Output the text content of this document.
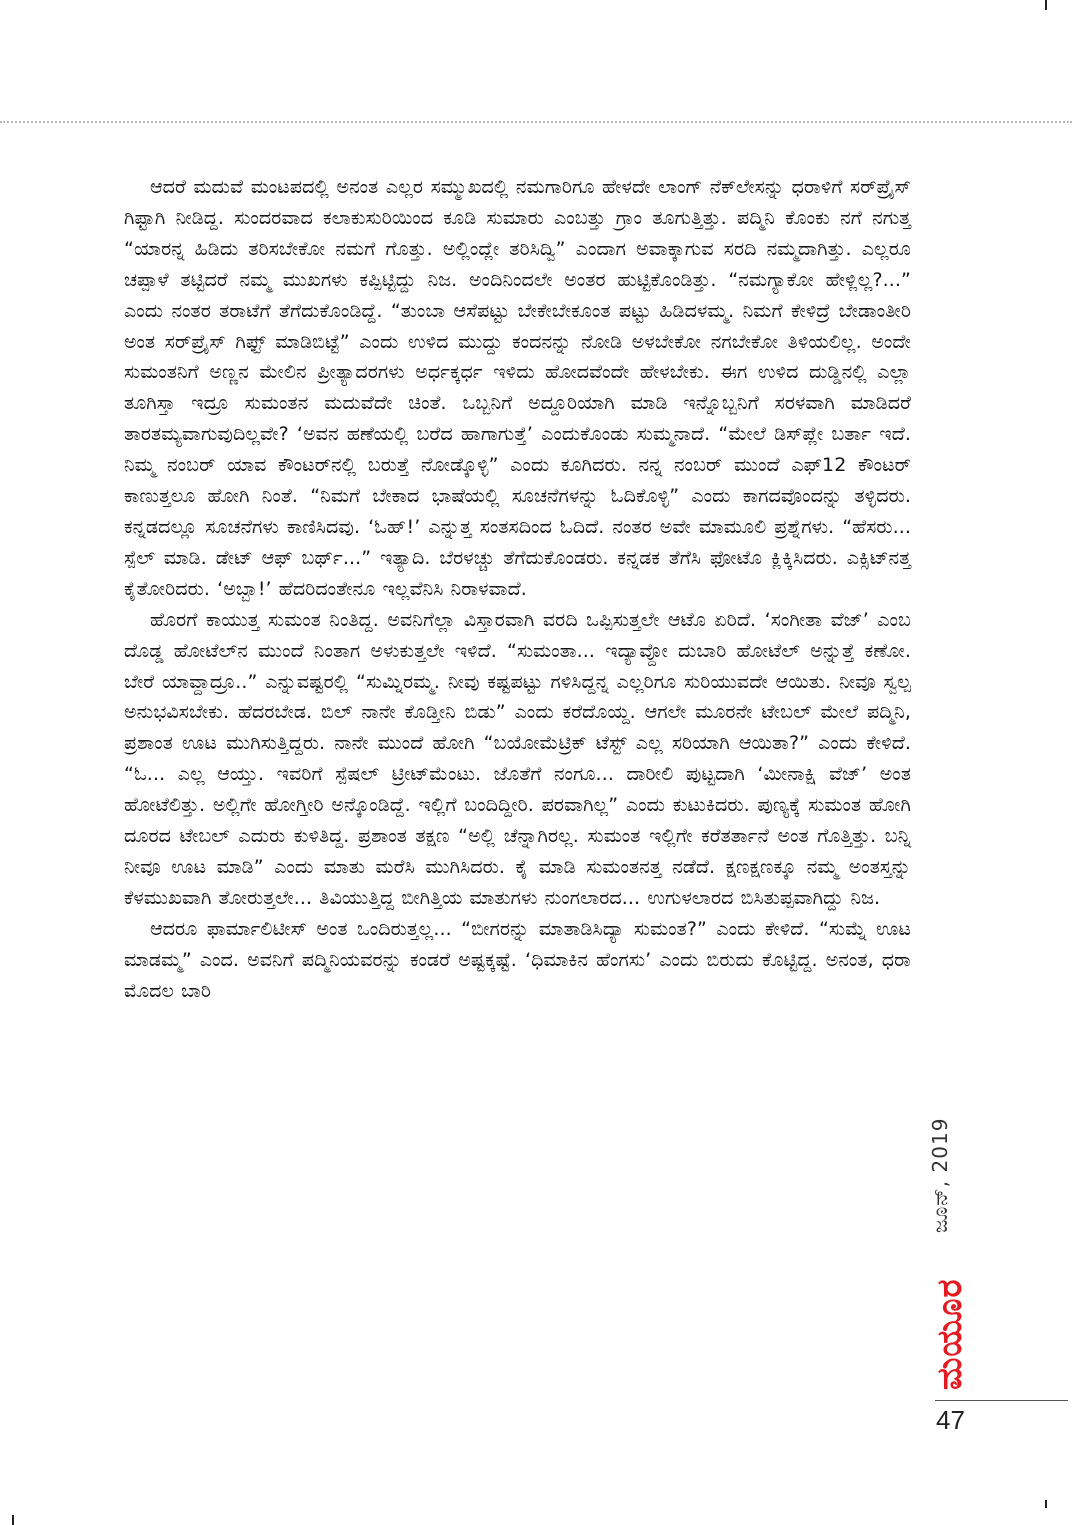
ಆದರೆ ಮದುವೆ ಮಂಟಪದಲ್ಲಿ ಅನಂತ ಎಲ್ಲರ ಸಮ್ಮುಖದಲ್ಲಿ ನಮಗಾರಿಗೂ ಹೇಳದೇ ಲಾಂಗ್ ನೆಕ್‌ಲೇಸನ್ನು ಧರಾಳಿಗೆ ಸರ್‌ಪ್ರೈಸ್ ಗಿಫ್ಟಾಗಿ ನೀಡಿದ್ದ. ಸುಂದರವಾದ ಕಲಾಕುಸುರಿಯಿಂದ ಕೂಡಿ ಸುಮಾರು ಎಂಬತ್ತು ಗ್ರಾಂ ತೂಗುತ್ತಿತ್ತು. ಪದ್ಮಿನಿ ಕೊಂಕು ನಗೆ ನಗುತ್ತ “ಯಾರನ್ನ ಹಿಡಿದು ತರಿಸಬೇಕೋ ನಮಗೆ ಗೊತ್ತು. ಅಲ್ಲಿಂದ್ಲೇ ತರಿಸಿದ್ವಿ” ಎಂದಾಗ ಅವಾಕ್ಕಾಗುವ ಸರದಿ ನಮ್ಮದಾಗಿತ್ತು. ಎಲ್ಲರೂ ಚಪ್ಪಾಳೆ ತಟ್ಟಿದರೆ ನಮ್ಮ ಮುಖಗಳು ಕಪ್ಪಿಟ್ಟಿದ್ದು ನಿಜ. ಅಂದಿನಿಂದಲೇ ಅಂತರ ಹುಟ್ಟಿಕೊಂಡಿತ್ತು. “ನಮಗ್ಯಾಕೋ ಹೇಳ್ಲಿಲ್ಲ?...” ಎಂದು ನಂತರ ತರಾಟೆಗೆ ತೆಗೆದುಕೊಂಡಿದ್ದೆ. “ತುಂಬಾ ಆಸೆಪಟ್ಟು ಬೇಕೇಬೇಕೂಂತ ಪಟ್ಟು ಹಿಡಿದಳಮ್ಮ. ನಿಮಗೆ ಕೇಳಿದ್ರೆ ಬೇಡಾಂತೀರಿ ಅಂತ ಸರ್‌ಪ್ರೈಸ್ ಗಿಫ್ಟ್ ಮಾಡಿಬಿಟ್ಟೆ” ಎಂದು ಉಳಿದ ಮುದ್ದು ಕಂದನನ್ನು ನೋಡಿ ಅಳಬೇಕೋ ನಗಬೇಕೋ ತಿಳಿಯಲಿಲ್ಲ. ಅಂದೇ ಸುಮಂತನಿಗೆ ಅಣ್ಣನ ಮೇಲಿನ ಪ್ರೀತ್ಯಾದರಗಳು ಅರ್ಧಕ್ಕರ್ಧ ಇಳಿದು ಹೋದವೆಂದೇ ಹೇಳಬೇಕು. ಈಗ ಉಳಿದ ದುಡ್ಡಿನಲ್ಲಿ ಎಲ್ಲಾ ತೂಗಿಸ್ತಾ ಇದ್ರೂ ಸುಮಂತನ ಮದುವೆದೇ ಚಿಂತೆ. ಒಬ್ಬನಿಗೆ ಅದ್ದೂರಿಯಾಗಿ ಮಾಡಿ ಇನ್ನೊಬ್ಬನಿಗೆ ಸರಳವಾಗಿ ಮಾಡಿದರೆ ತಾರತಮ್ಯವಾಗುವುದಿಲ್ಲವೇ? ‘ಅವನ ಹಣೆಯಲ್ಲಿ ಬರೆದ ಹಾಗಾಗುತ್ತೆ’ ಎಂದುಕೊಂಡು ಸುಮ್ಮನಾದೆ. “ಮೇಲೆ ಡಿಸ್‌ಪ್ಲೇ ಬರ್ತಾ ಇದೆ. ನಿಮ್ಮ ನಂಬರ್ ಯಾವ ಕೌಂಟರ್‌ನಲ್ಲಿ ಬರುತ್ತೆ ನೋಡ್ಕೊಳ್ಳಿ” ಎಂದು ಕೂಗಿದರು. ನನ್ನ ನಂಬರ್ ಮುಂದೆ ಎಫ್12 ಕೌಂಟರ್ ಕಾಣುತ್ತಲೂ ಹೋಗಿ ನಿಂತೆ. “ನಿಮಗೆ ಬೇಕಾದ ಭಾಷೆಯಲ್ಲಿ ಸೂಚನೆಗಳನ್ನು ಓದಿಕೊಳ್ಳಿ” ಎಂದು ಕಾಗದವೊಂದನ್ನು ತಳ್ಳಿದರು. ಕನ್ನಡದಲ್ಲೂ ಸೂಚನೆಗಳು ಕಾಣಿಸಿದವು. ‘ಓಹ್!’ ಎನ್ನುತ್ತ ಸಂತಸದಿಂದ ಓದಿದೆ. ನಂತರ ಅವೇ ಮಾಮೂಲಿ ಪ್ರಶ್ನೆಗಳು. “ಹೆಸರು... ಸ್ಪೆಲ್ ಮಾಡಿ. ಡೇಟ್ ಆಫ್ ಬರ್ಥ್...” ಇತ್ಯಾದಿ. ಬೆರಳಚ್ಚು ತೆಗೆದುಕೊಂಡರು. ಕನ್ನಡಕ ತೆಗೆಸಿ ಫೋಟೊ ಕ್ಲಿಕ್ಕಿಸಿದರು. ಎಕ್ಸಿಟ್‌ನತ್ತ ಕೈತೋರಿದರು. ‘ಅಬ್ಬಾ!’ ಹೆದರಿದಂತೇನೂ ಇಲ್ಲವೆನಿಸಿ ನಿರಾಳವಾದೆ.

ಹೊರಗೆ ಕಾಯುತ್ತ ಸುಮಂತ ನಿಂತಿದ್ದ. ಅವನಿಗೆಲ್ಲಾ ವಿಸ್ತಾರವಾಗಿ ವರದಿ ಒಪ್ಪಿಸುತ್ತಲೇ ಆಟೊ ಏರಿದೆ. ‘ಸಂಗೀತಾ ವೆಜ್’ ಎಂಬ ದೊಡ್ಡ ಹೋಟೆಲ್‌ನ ಮುಂದೆ ನಿಂತಾಗ ಅಳುಕುತ್ತಲೇ ಇಳಿದೆ. “ಸುಮಂತಾ... ಇದ್ಯಾವ್ದೋ ದುಬಾರಿ ಹೋಟೆಲ್ ಅನ್ನುತ್ತೆ ಕಣೋ. ಬೇರೆ ಯಾವ್ದಾದ್ರೂ..” ಎನ್ನುವಷ್ಟರಲ್ಲಿ “ಸುಮ್ನಿರಮ್ಮ. ನೀವು ಕಷ್ಟಪಟ್ಟು ಗಳಿಸಿದ್ದನ್ನ ಎಲ್ಲರಿಗೂ ಸುರಿಯುವದೇ ಆಯಿತು. ನೀವೂ ಸ್ವಲ್ಪ ಅನುಭವಿಸಬೇಕು. ಹೆದರಬೇಡ. ಬಿಲ್ ನಾನೇ ಕೊಡ್ತೀನಿ ಬಿಡು” ಎಂದು ಕರೆದೊಯ್ದ. ಆಗಲೇ ಮೂರನೇ ಟೇಬಲ್ ಮೇಲೆ ಪದ್ಮಿನಿ, ಪ್ರಶಾಂತ ಊಟ ಮುಗಿಸುತ್ತಿದ್ದರು. ನಾನೇ ಮುಂದೆ ಹೋಗಿ “ಬಯೋಮೆಟ್ರಿಕ್ ಟೆಸ್ಟ್ ಎಲ್ಲ ಸರಿಯಾಗಿ ಆಯಿತಾ?” ಎಂದು ಕೇಳಿದೆ. “ಓ... ಎಲ್ಲ ಆಯ್ತು. ಇವರಿಗೆ ಸ್ಪೆಷಲ್ ಟ್ರೀಟ್‌ಮೆಂಟು. ಜೊತೆಗೆ ನಂಗೂ... ದಾರೀಲಿ ಪುಟ್ಟದಾಗಿ ‘ಮೀನಾಕ್ಷಿ ವೆಜ್’ ಅಂತ ಹೋಟೆಲಿತ್ತು. ಅಲ್ಲಿಗೇ ಹೋಗ್ತೀರಿ ಅನ್ಕೊಂಡಿದ್ದೆ. ಇಲ್ಲಿಗೆ ಬಂದಿದ್ದೀರಿ. ಪರವಾಗಿಲ್ಲ” ಎಂದು ಕುಟುಕಿದರು. ಪುಣ್ಯಕ್ಕೆ ಸುಮಂತ ಹೋಗಿ ದೂರದ ಟೇಬಲ್ ಎದುರು ಕುಳಿತಿದ್ದ. ಪ್ರಶಾಂತ ತಕ್ಷಣ “ಅಲ್ಲಿ ಚೆನ್ನಾಗಿರಲ್ಲ. ಸುಮಂತ ಇಲ್ಲಿಗೇ ಕರೆತರ್ತಾನೆ ಅಂತ ಗೊತ್ತಿತ್ತು. ಬನ್ನಿ ನೀವೂ ಊಟ ಮಾಡಿ” ಎಂದು ಮಾತು ಮರೆಸಿ ಮುಗಿಸಿದರು. ಕೈ ಮಾಡಿ ಸುಮಂತನತ್ತ ನಡೆದೆ. ಕ್ಷಣಕ್ಷಣಕ್ಕೂ ನಮ್ಮ ಅಂತಸ್ತನ್ನು ಕೆಳಮುಖವಾಗಿ ತೋರುತ್ತಲೇ... ತಿವಿಯುತ್ತಿದ್ದ ಬೀಗಿತ್ತಿಯ ಮಾತುಗಳು ನುಂಗಲಾರದ... ಉಗುಳಲಾರದ ಬಿಸಿತುಪ್ಪವಾಗಿದ್ದು ನಿಜ.

ಆದರೂ ಫಾರ್ಮಾಲಿಟೀಸ್ ಅಂತ ಒಂದಿರುತ್ತಲ್ಲ... “ಬೀಗರನ್ನು ಮಾತಾಡಿಸಿದ್ಯಾ ಸುಮಂತ?” ಎಂದು ಕೇಳಿದೆ. “ಸುಮ್ನೆ ಊಟ ಮಾಡಮ್ಮ” ಎಂದ. ಅವನಿಗೆ ಪದ್ಮಿನಿಯವರನ್ನು ಕಂಡರೆ ಅಷ್ಟಕ್ಕಷ್ಟೆ. ‘ಧಿಮಾಕಿನ ಹೆಂಗಸು’ ಎಂದು ಬಿರುದು ಕೊಟ್ಟಿದ್ದ. ಅನಂತ, ಧರಾ ಮೊದಲ ಬಾರಿ

ಜೂನ್, 2019
ಮಯೂರ
47
